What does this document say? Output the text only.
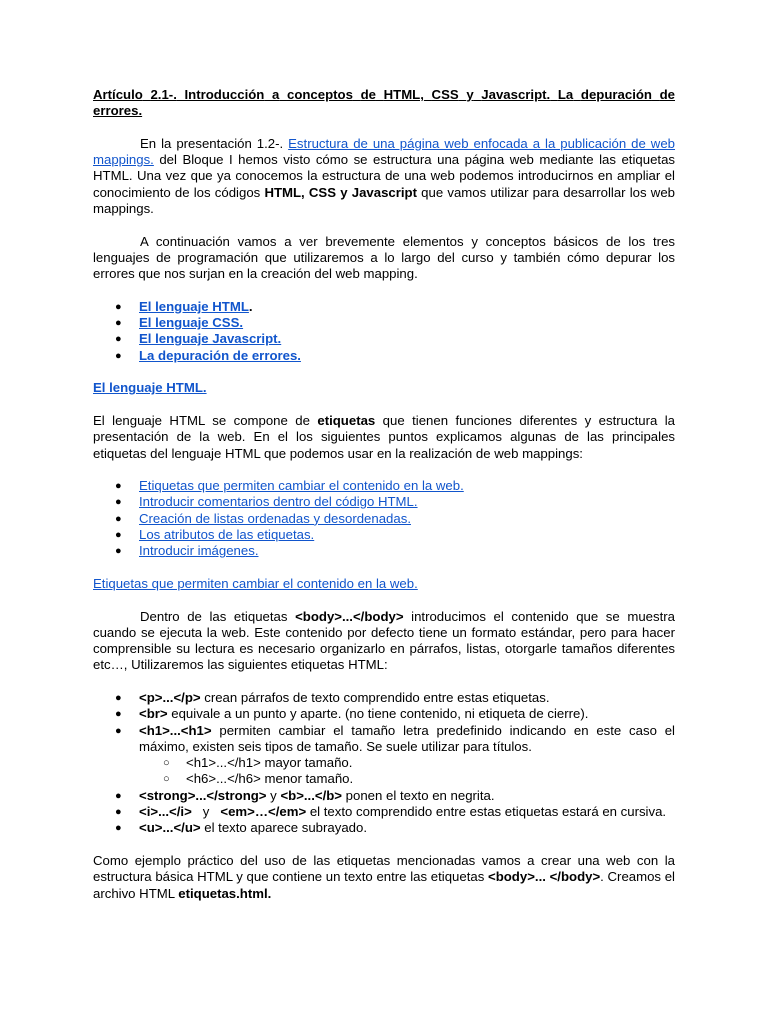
Artículo 2.1-. Introducción a conceptos de HTML, CSS y Javascript. La depuración de errores.

En la presentación 1.2-. Estructura de una página web enfocada a la publicación de web mappings. del Bloque I hemos visto cómo se estructura una página web mediante las etiquetas HTML. Una vez que ya conocemos la estructura de una web podemos introducirnos en ampliar el conocimiento de los códigos HTML, CSS y Javascript que vamos utilizar para desarrollar los web mappings.

A continuación vamos a ver brevemente elementos y conceptos básicos de los tres lenguajes de programación que utilizaremos a lo largo del curso y también cómo depurar los errores que nos surjan en la creación del web mapping.

● El lenguaje HTML.
● El lenguaje CSS.
● El lenguaje Javascript.
● La depuración de errores.

El lenguaje HTML.

El lenguaje HTML se compone de etiquetas que tienen funciones diferentes y estructura la presentación de la web. En el los siguientes puntos explicamos algunas de las principales etiquetas del lenguaje HTML que podemos usar en la realización de web mappings:

● Etiquetas que permiten cambiar el contenido en la web.
● Introducir comentarios dentro del código HTML.
● Creación de listas ordenadas y desordenadas.
● Los atributos de las etiquetas.
● Introducir imágenes.

Etiquetas que permiten cambiar el contenido en la web.

Dentro de las etiquetas <body>...</body> introducimos el contenido que se muestra cuando se ejecuta la web. Este contenido por defecto tiene un formato estándar, pero para hacer comprensible su lectura es necesario organizarlo en párrafos, listas, otorgarle tamaños diferentes etc…, Utilizaremos las siguientes etiquetas HTML:

● <p>...</p> crean párrafos de texto comprendido entre estas etiquetas.
● <br> equivale a un punto y aparte. (no tiene contenido, ni etiqueta de cierre).
● <h1>...<h1> permiten cambiar el tamaño letra predefinido indicando en este caso el máximo, existen seis tipos de tamaño. Se suele utilizar para títulos.
○ <h1>...</h1> mayor tamaño.
○ <h6>...</h6> menor tamaño.
● <strong>...</strong> y <b>...</b> ponen el texto en negrita.
● <i>...</i>   y   <em>…</em> el texto comprendido entre estas etiquetas estará en cursiva.
● <u>...</u> el texto aparece subrayado.

Como ejemplo práctico del uso de las etiquetas mencionadas vamos a crear una web con la estructura básica HTML y que contiene un texto entre las etiquetas <body>... </body>. Creamos el archivo HTML etiquetas.html.
